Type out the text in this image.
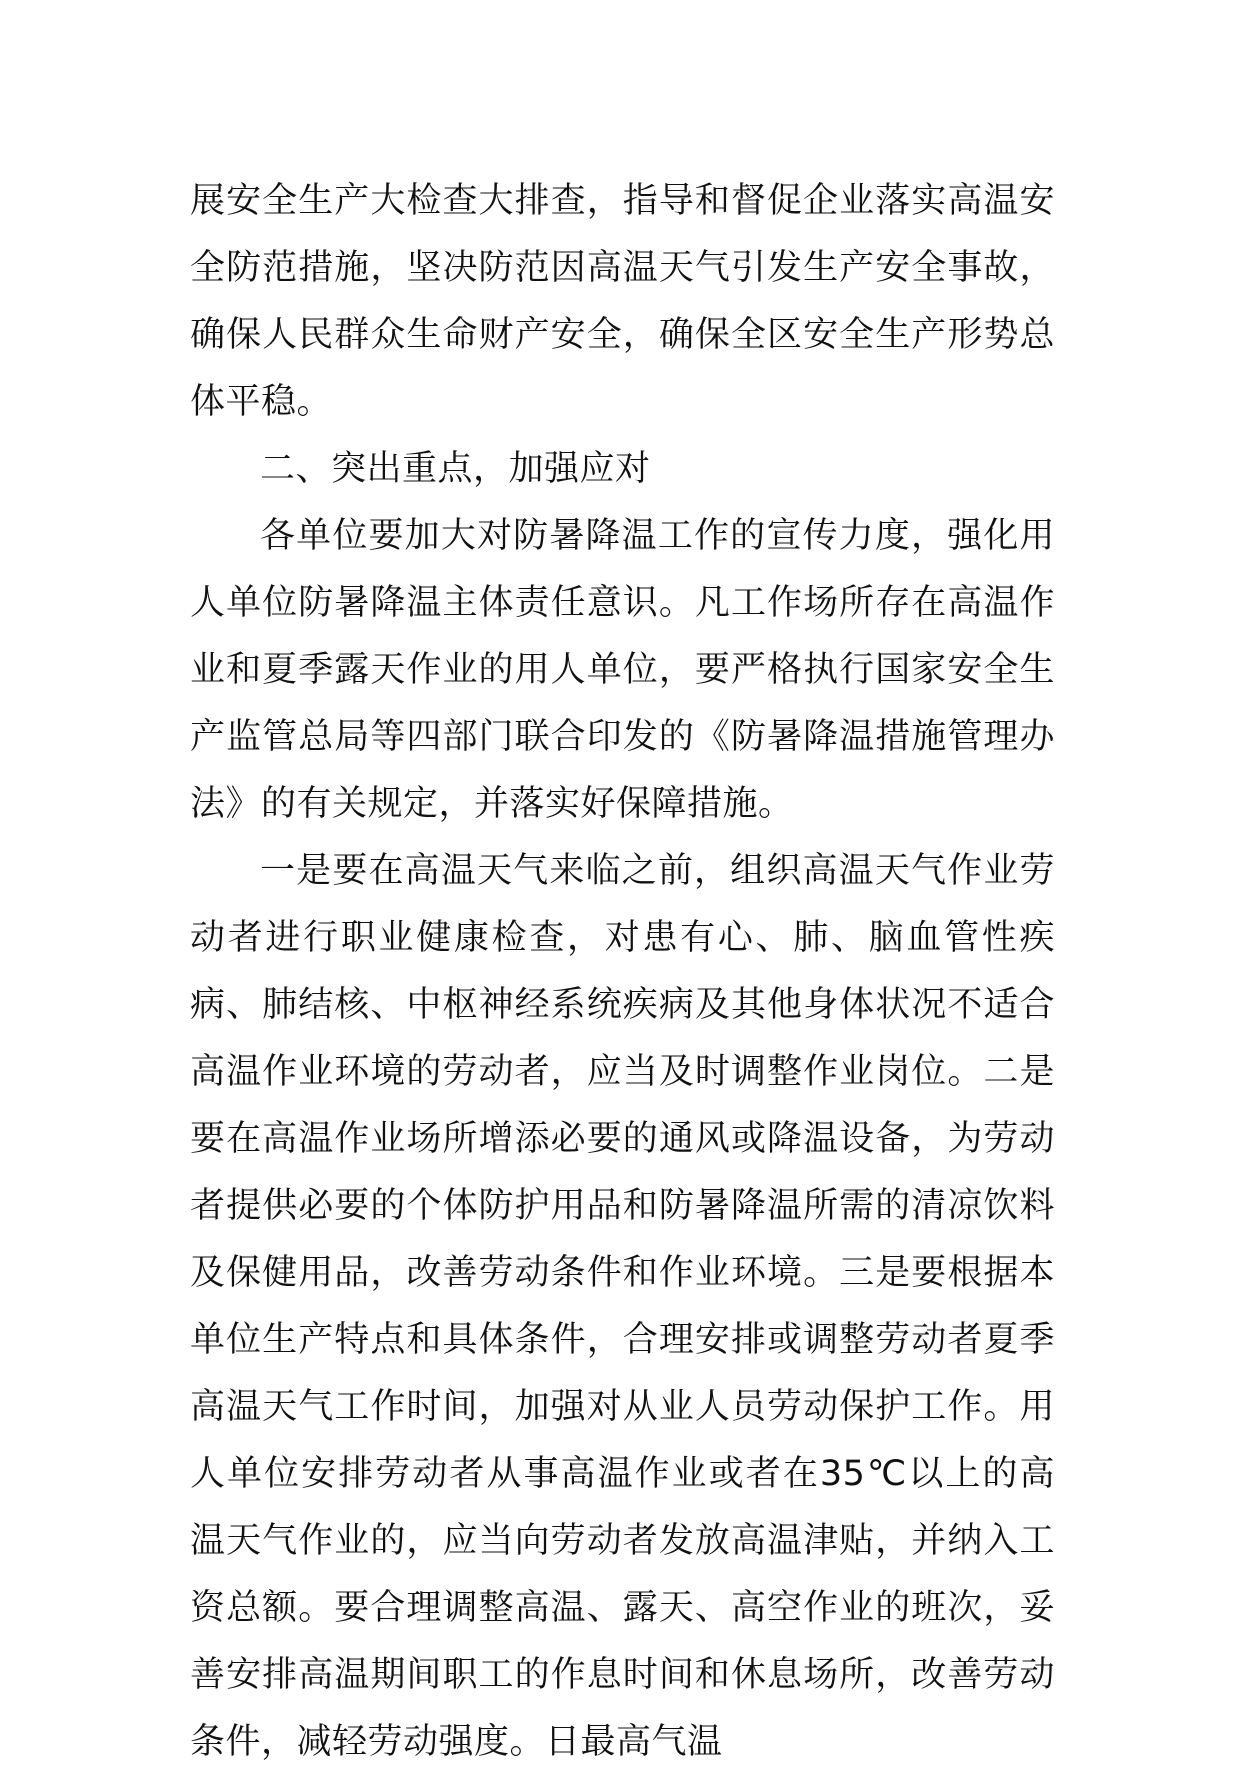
展安全生产大检查大排查，指导和督促企业落实高温安全防范措施，坚决防范因高温天气引发生产安全事故，确保人民群众生命财产安全，确保全区安全生产形势总体平稳。

二、突出重点，加强应对

各单位要加大对防暑降温工作的宣传力度，强化用人单位防暑降温主体责任意识。凡工作场所存在高温作业和夏季露天作业的用人单位，要严格执行国家安全生产监管总局等四部门联合印发的《防暑降温措施管理办法》的有关规定，并落实好保障措施。

一是要在高温天气来临之前，组织高温天气作业劳动者进行职业健康检查，对患有心、肺、脑血管性疾病、肺结核、中枢神经系统疾病及其他身体状况不适合高温作业环境的劳动者，应当及时调整作业岗位。二是要在高温作业场所增添必要的通风或降温设备，为劳动者提供必要的个体防护用品和防暑降温所需的清凉饮料及保健用品，改善劳动条件和作业环境。三是要根据本单位生产特点和具体条件，合理安排或调整劳动者夏季高温天气工作时间，加强对从业人员劳动保护工作。用人单位安排劳动者从事高温作业或者在35℃以上的高温天气作业的，应当向劳动者发放高温津贴，并纳入工资总额。要合理调整高温、露天、高空作业的班次，妥善安排高温期间职工的作息时间和休息场所，改善劳动条件，减轻劳动强度。日最高气温
